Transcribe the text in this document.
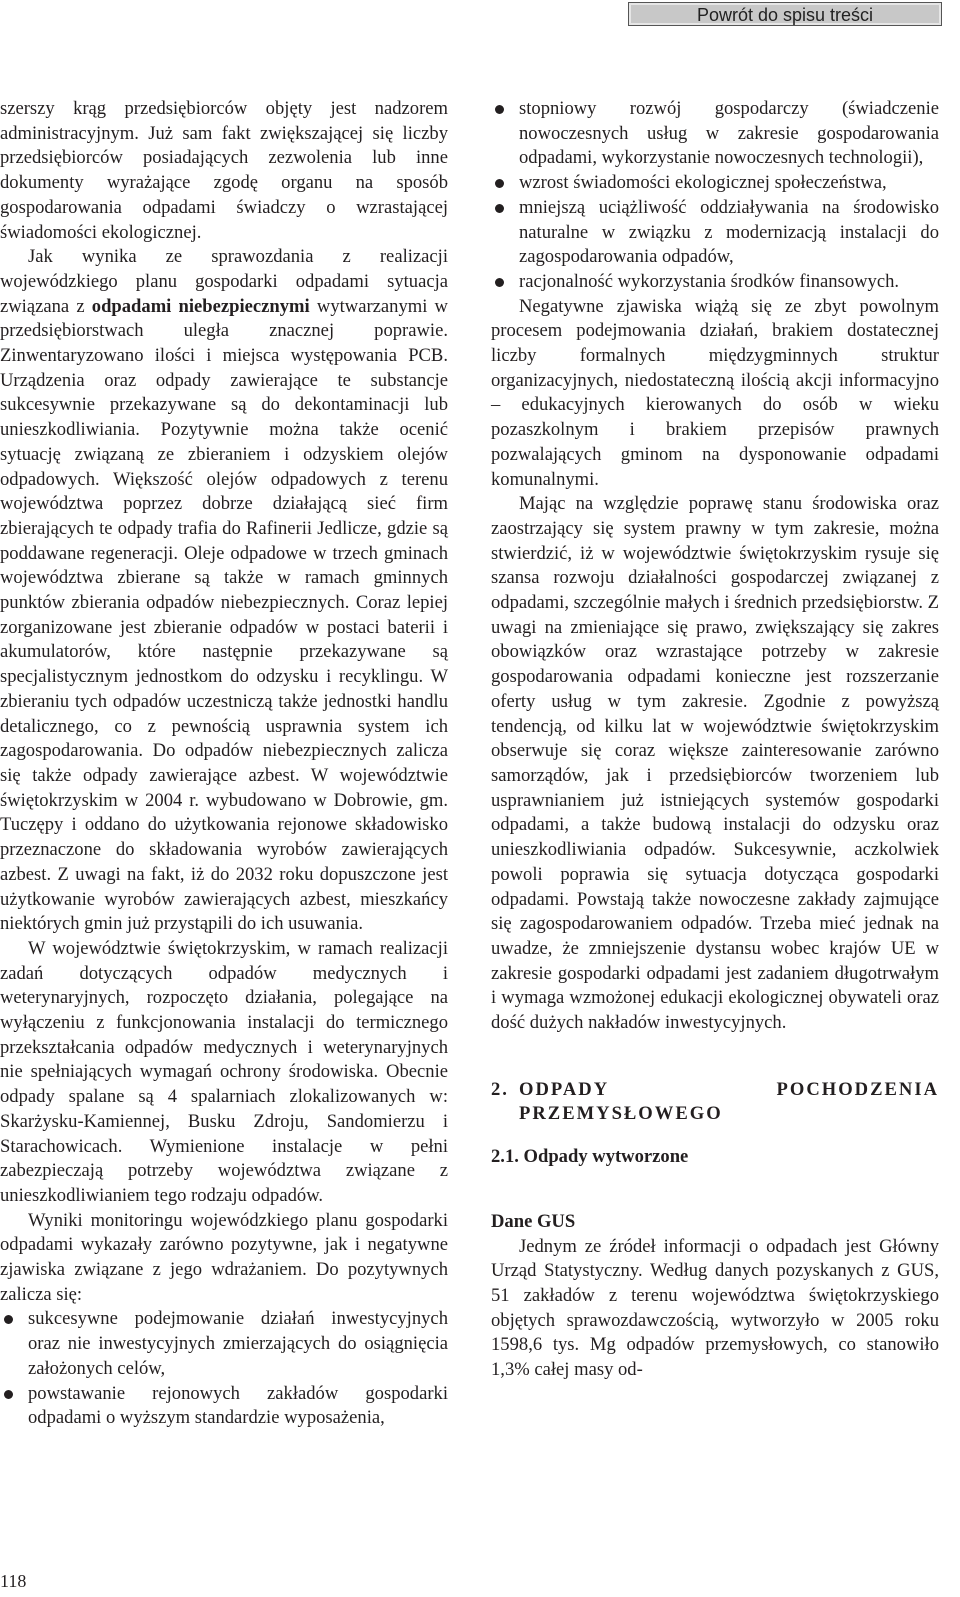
Powrót do spisu treści

szerszy krąg przedsiębiorców objęty jest nadzorem administracyjnym. Już sam fakt zwiększającej się liczby przedsiębiorców posiadających zezwolenia lub inne dokumenty wyrażające zgodę organu na sposób gospodarowania odpadami świadczy o wzrastającej świadomości ekologicznej.

Jak wynika ze sprawozdania z realizacji wojewódzkiego planu gospodarki odpadami sytuacja związana z odpadami niebezpiecznymi wytwarzanymi w przedsiębiorstwach uległa znacznej poprawie. Zinwentaryzowano ilości i miejsca występowania PCB. Urządzenia oraz odpady zawierające te substancje sukcesywnie przekazywane są do dekontaminacji lub unieszkodliwiania. Pozytywnie można także ocenić sytuację związaną ze zbieraniem i odzyskiem olejów odpadowych. Większość olejów odpadowych z terenu województwa poprzez dobrze działającą sieć firm zbierających te odpady trafia do Rafinerii Jedlicze, gdzie są poddawane regeneracji. Oleje odpadowe w trzech gminach województwa zbierane są także w ramach gminnych punktów zbierania odpadów niebezpiecznych. Coraz lepiej zorganizowane jest zbieranie odpadów w postaci baterii i akumulatorów, które następnie przekazywane są specjalistycznym jednostkom do odzysku i recyklingu. W zbieraniu tych odpadów uczestniczą także jednostki handlu detalicznego, co z pewnością usprawnia system ich zagospodarowania. Do odpadów niebezpiecznych zalicza się także odpady zawierające azbest. W województwie świętokrzyskim w 2004 r. wybudowano w Dobrowie, gm. Tuczępy i oddano do użytkowania rejonowe składowisko przeznaczone do składowania wyrobów zawierających azbest. Z uwagi na fakt, iż do 2032 roku dopuszczone jest użytkowanie wyrobów zawierających azbest, mieszkańcy niektórych gmin już przystąpili do ich usuwania.

W województwie świętokrzyskim, w ramach realizacji zadań dotyczących odpadów medycznych i weterynaryjnych, rozpoczęto działania, polegające na wyłączeniu z funkcjonowania instalacji do termicznego przekształcania odpadów medycznych i weterynaryjnych nie spełniających wymagań ochrony środowiska. Obecnie odpady spalane są 4 spalarniach zlokalizowanych w: Skarżysku-Kamiennej, Busku Zdroju, Sandomierzu i Starachowicach. Wymienione instalacje w pełni zabezpieczają potrzeby województwa związane z unieszkodliwianiem tego rodzaju odpadów.

Wyniki monitoringu wojewódzkiego planu gospodarki odpadami wykazały zarówno pozytywne, jak i negatywne zjawiska związane z jego wdrażaniem. Do pozytywnych zalicza się:

sukcesywne podejmowanie działań inwestycyjnych oraz nie inwestycyjnych zmierzających do osiągnięcia założonych celów,
powstawanie rejonowych zakładów gospodarki odpadami o wyższym standardzie wyposażenia,
stopniowy rozwój gospodarczy (świadczenie nowoczesnych usług w zakresie gospodarowania odpadami, wykorzystanie nowoczesnych technologii),
wzrost świadomości ekologicznej społeczeństwa,
mniejszą uciążliwość oddziaływania na środowisko naturalne w związku z modernizacją instalacji do zagospodarowania odpadów,
racjonalność wykorzystania środków finansowych.

Negatywne zjawiska wiążą się ze zbyt powolnym procesem podejmowania działań, brakiem dostatecznej liczby formalnych międzygminnych struktur organizacyjnych, niedostateczną ilością akcji informacyjno – edukacyjnych kierowanych do osób w wieku pozaszkolnym i brakiem przepisów prawnych pozwalających gminom na dysponowanie odpadami komunalnymi.

Mając na względzie poprawę stanu środowiska oraz zaostrzający się system prawny w tym zakresie, można stwierdzić, iż w województwie świętokrzyskim rysuje się szansa rozwoju działalności gospodarczej związanej z odpadami, szczególnie małych i średnich przedsiębiorstw. Z uwagi na zmieniające się prawo, zwiększający się zakres obowiązków oraz wzrastające potrzeby w zakresie gospodarowania odpadami konieczne jest rozszerzanie oferty usług w tym zakresie. Zgodnie z powyższą tendencją, od kilku lat w województwie świętokrzyskim obserwuje się coraz większe zainteresowanie zarówno samorządów, jak i przedsiębiorców tworzeniem lub usprawnianiem już istniejących systemów gospodarki odpadami, a także budową instalacji do odzysku oraz unieszkodliwiania odpadów. Sukcesywnie, aczkolwiek powoli poprawia się sytuacja dotycząca gospodarki odpadami. Powstają także nowoczesne zakłady zajmujące się zagospodarowaniem odpadów. Trzeba mieć jednak na uwadze, że zmniejszenie dystansu wobec krajów UE w zakresie gospodarki odpadami jest zadaniem długotrwałym i wymaga wzmożonej edukacji ekologicznej obywateli oraz dość dużych nakładów inwestycyjnych.

2. ODPADY POCHODZENIA PRZEMYSŁOWEGO
2.1. Odpady wytworzone
Dane GUS

Jednym ze źródeł informacji o odpadach jest Główny Urząd Statystyczny. Według danych pozyskanych z GUS, 51 zakładów z terenu województwa świętokrzyskiego objętych sprawozdawczością, wytworzyło w 2005 roku 1598,6 tys. Mg odpadów przemysłowych, co stanowiło 1,3% całej masy od-

118
